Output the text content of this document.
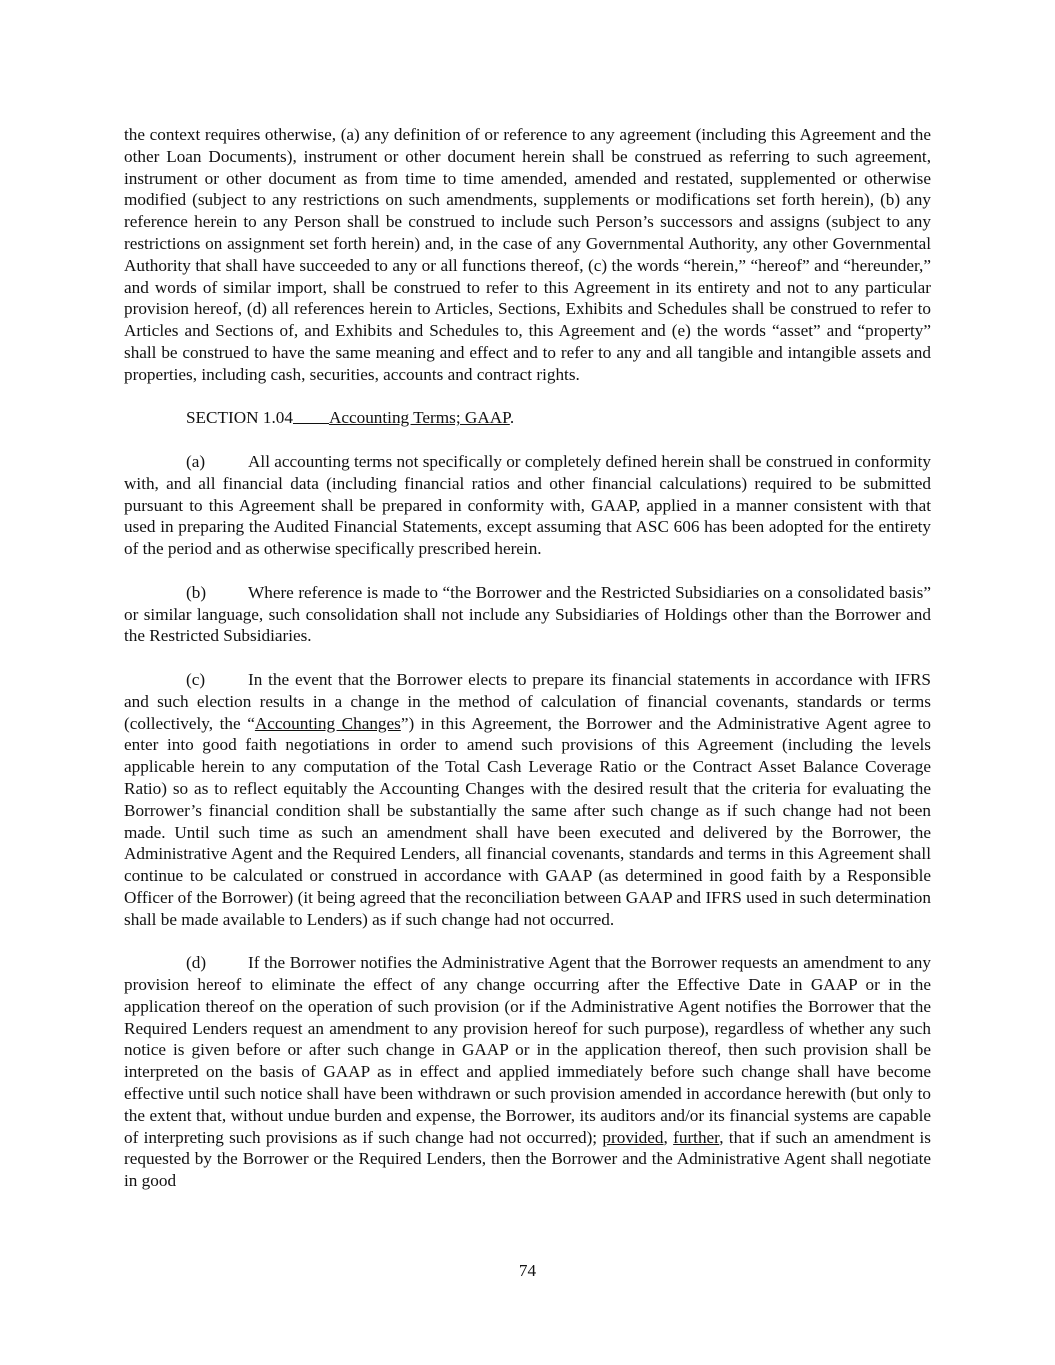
the context requires otherwise, (a) any definition of or reference to any agreement (including this Agreement and the other Loan Documents), instrument or other document herein shall be construed as referring to such agreement, instrument or other document as from time to time amended, amended and restated, supplemented or otherwise modified (subject to any restrictions on such amendments, supplements or modifications set forth herein), (b) any reference herein to any Person shall be construed to include such Person’s successors and assigns (subject to any restrictions on assignment set forth herein) and, in the case of any Governmental Authority, any other Governmental Authority that shall have succeeded to any or all functions thereof, (c) the words “herein,” “hereof” and “hereunder,” and words of similar import, shall be construed to refer to this Agreement in its entirety and not to any particular provision hereof, (d) all references herein to Articles, Sections, Exhibits and Schedules shall be construed to refer to Articles and Sections of, and Exhibits and Schedules to, this Agreement and (e) the words “asset” and “property” shall be construed to have the same meaning and effect and to refer to any and all tangible and intangible assets and properties, including cash, securities, accounts and contract rights.

SECTION 1.04 Accounting Terms; GAAP.

(a) All accounting terms not specifically or completely defined herein shall be construed in conformity with, and all financial data (including financial ratios and other financial calculations) required to be submitted pursuant to this Agreement shall be prepared in conformity with, GAAP, applied in a manner consistent with that used in preparing the Audited Financial Statements, except assuming that ASC 606 has been adopted for the entirety of the period and as otherwise specifically prescribed herein.

(b) Where reference is made to “the Borrower and the Restricted Subsidiaries on a consolidated basis” or similar language, such consolidation shall not include any Subsidiaries of Holdings other than the Borrower and the Restricted Subsidiaries.

(c) In the event that the Borrower elects to prepare its financial statements in accordance with IFRS and such election results in a change in the method of calculation of financial covenants, standards or terms (collectively, the “Accounting Changes”) in this Agreement, the Borrower and the Administrative Agent agree to enter into good faith negotiations in order to amend such provisions of this Agreement (including the levels applicable herein to any computation of the Total Cash Leverage Ratio or the Contract Asset Balance Coverage Ratio) so as to reflect equitably the Accounting Changes with the desired result that the criteria for evaluating the Borrower’s financial condition shall be substantially the same after such change as if such change had not been made. Until such time as such an amendment shall have been executed and delivered by the Borrower, the Administrative Agent and the Required Lenders, all financial covenants, standards and terms in this Agreement shall continue to be calculated or construed in accordance with GAAP (as determined in good faith by a Responsible Officer of the Borrower) (it being agreed that the reconciliation between GAAP and IFRS used in such determination shall be made available to Lenders) as if such change had not occurred.

(d) If the Borrower notifies the Administrative Agent that the Borrower requests an amendment to any provision hereof to eliminate the effect of any change occurring after the Effective Date in GAAP or in the application thereof on the operation of such provision (or if the Administrative Agent notifies the Borrower that the Required Lenders request an amendment to any provision hereof for such purpose), regardless of whether any such notice is given before or after such change in GAAP or in the application thereof, then such provision shall be interpreted on the basis of GAAP as in effect and applied immediately before such change shall have become effective until such notice shall have been withdrawn or such provision amended in accordance herewith (but only to the extent that, without undue burden and expense, the Borrower, its auditors and/or its financial systems are capable of interpreting such provisions as if such change had not occurred); provided, further, that if such an amendment is requested by the Borrower or the Required Lenders, then the Borrower and the Administrative Agent shall negotiate in good

74
